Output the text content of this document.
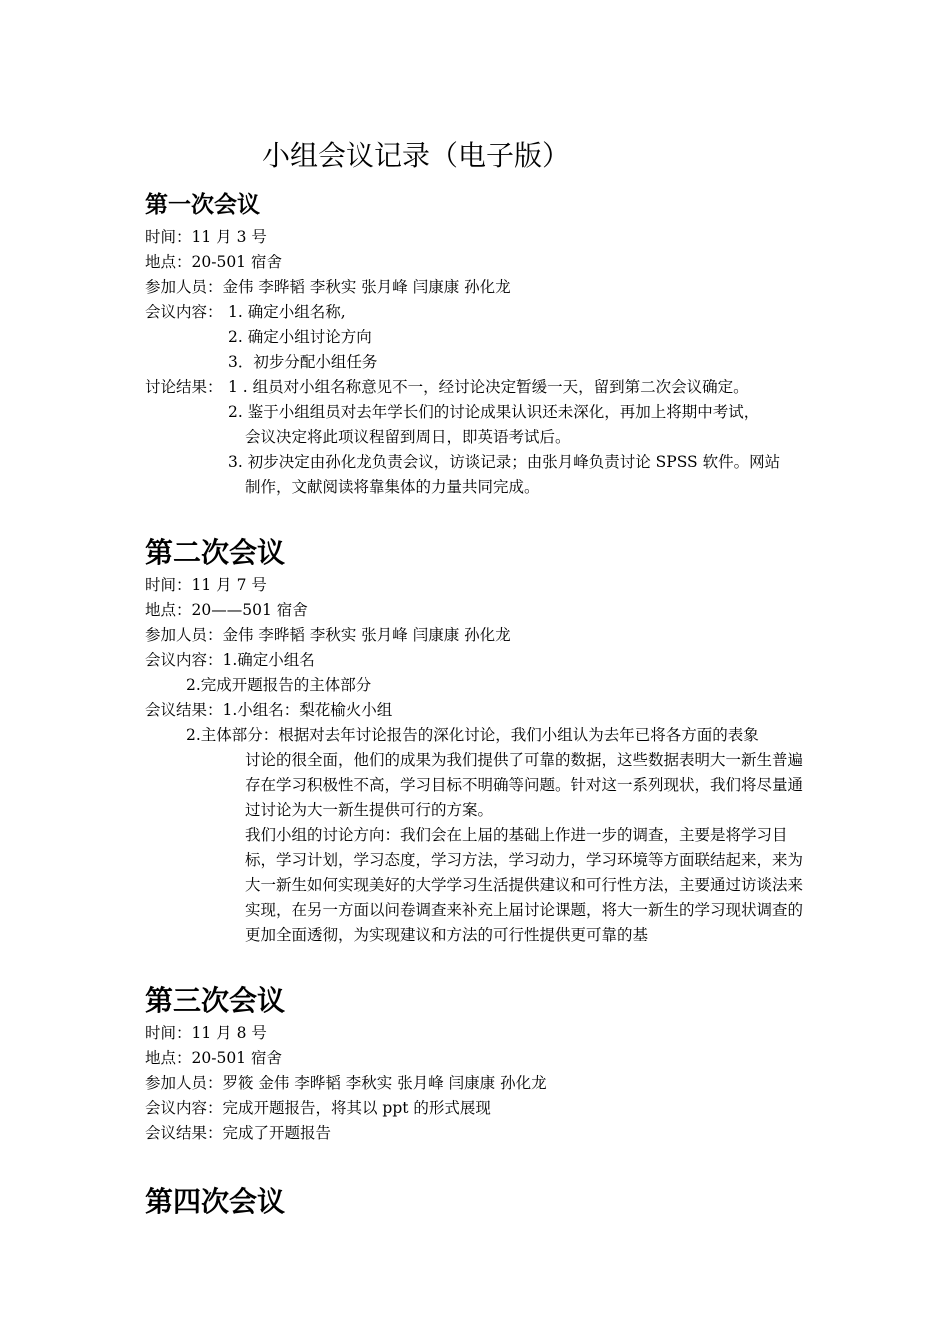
小组会议记录（电子版）
第一次会议
时间：11 月 3 号
地点：20-501 宿舍
参加人员：金伟 李晔韬 李秋实 张月峰 闫康康 孙化龙
会议内容： 1. 确定小组名称,
2. 确定小组讨论方向
3．初步分配小组任务
讨论结果： 1 . 组员对小组名称意见不一，经讨论决定暂缓一天，留到第二次会议确定。
2. 鉴于小组组员对去年学长们的讨论成果认识还未深化，再加上将期中考试，
会议决定将此项议程留到周日，即英语考试后。
3. 初步决定由孙化龙负责会议，访谈记录；由张月峰负责讨论 SPSS 软件。网站
制作，文献阅读将靠集体的力量共同完成。
第二次会议
时间：11 月 7 号
地点：20——501 宿舍
参加人员：金伟 李晔韬 李秋实 张月峰 闫康康 孙化龙
会议内容：1.确定小组名
2.完成开题报告的主体部分
会议结果：1.小组名：梨花榆火小组
2.主体部分：根据对去年讨论报告的深化讨论，我们小组认为去年已将各方面的表象
讨论的很全面，他们的成果为我们提供了可靠的数据，这些数据表明大一新生普遍存在学习积极性不高，学习目标不明确等问题。针对这一系列现状，我们将尽量通过讨论为大一新生提供可行的方案。
我们小组的讨论方向：我们会在上届的基础上作进一步的调查，主要是将学习目标，学习计划，学习态度，学习方法，学习动力，学习环境等方面联结起来，来为大一新生如何实现美好的大学学习生活提供建议和可行性方法，主要通过访谈法来实现，在另一方面以问卷调查来补充上届讨论课题，将大一新生的学习现状调查的更加全面透彻，为实现建议和方法的可行性提供更可靠的基
第三次会议
时间：11 月 8 号
地点：20-501 宿舍
参加人员：罗筱 金伟 李晔韬 李秋实 张月峰 闫康康 孙化龙
会议内容：完成开题报告，将其以 ppt 的形式展现
会议结果：完成了开题报告
第四次会议
